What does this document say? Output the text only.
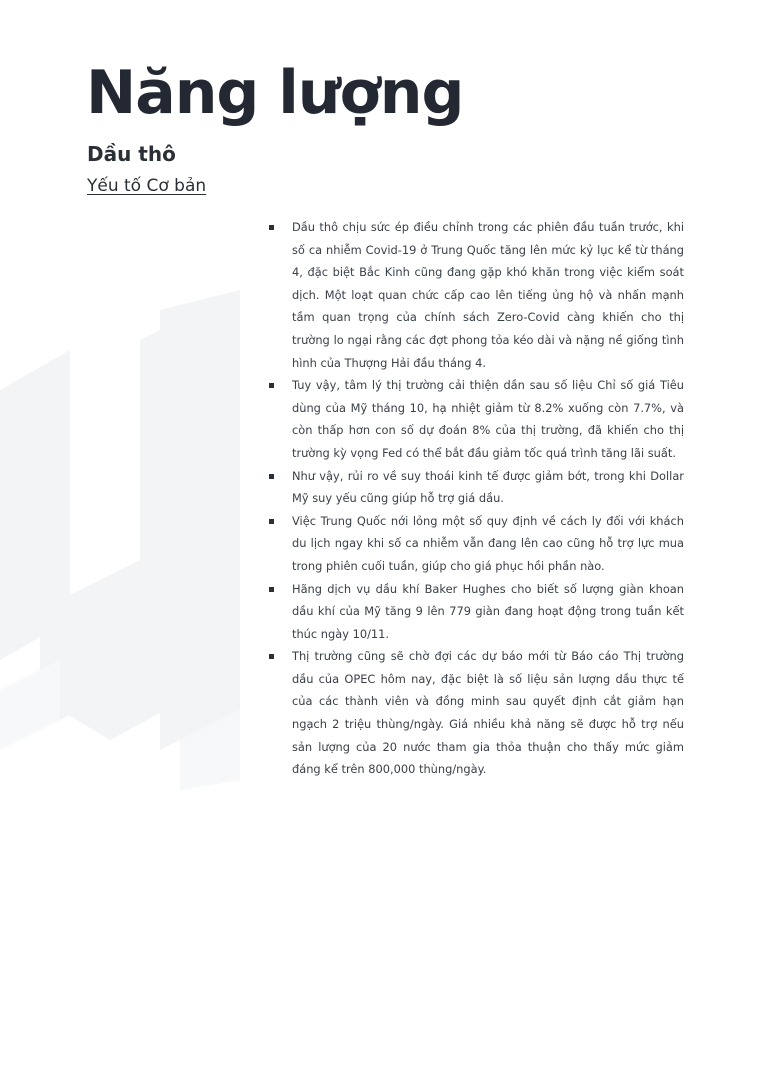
Năng lượng
Dầu thô
Yếu tố Cơ bản
Dầu thô chịu sức ép điều chỉnh trong các phiên đầu tuần trước, khi số ca nhiễm Covid-19 ở Trung Quốc tăng lên mức kỷ lục kể từ tháng 4, đặc biệt Bắc Kinh cũng đang gặp khó khăn trong việc kiểm soát dịch. Một loạt quan chức cấp cao lên tiếng ủng hộ và nhấn mạnh tầm quan trọng của chính sách Zero-Covid càng khiến cho thị trường lo ngại rằng các đợt phong tỏa kéo dài và nặng nề giống tình hình của Thượng Hải đầu tháng 4.
Tuy vậy, tâm lý thị trường cải thiện dần sau số liệu Chỉ số giá Tiêu dùng của Mỹ tháng 10, hạ nhiệt giảm từ 8.2% xuống còn 7.7%, và còn thấp hơn con số dự đoán 8% của thị trường, đã khiến cho thị trường kỳ vọng Fed có thể bắt đầu giảm tốc quá trình tăng lãi suất.
Như vậy, rủi ro về suy thoái kinh tế được giảm bớt, trong khi Dollar Mỹ suy yếu cũng giúp hỗ trợ giá dầu.
Việc Trung Quốc nới lỏng một số quy định về cách ly đối với khách du lịch ngay khi số ca nhiễm vẫn đang lên cao cũng hỗ trợ lực mua trong phiên cuối tuần, giúp cho giá phục hồi phần nào.
Hãng dịch vụ dầu khí Baker Hughes cho biết số lượng giàn khoan dầu khí của Mỹ tăng 9 lên 779 giàn đang hoạt động trong tuần kết thúc ngày 10/11.
Thị trường cũng sẽ chờ đợi các dự báo mới từ Báo cáo Thị trường dầu của OPEC hôm nay, đặc biệt là số liệu sản lượng dầu thực tế của các thành viên và đồng minh sau quyết định cắt giảm hạn ngạch 2 triệu thùng/ngày. Giá nhiều khả năng sẽ được hỗ trợ nếu sản lượng của 20 nước tham gia thỏa thuận cho thấy mức giảm đáng kể trên 800,000 thùng/ngày.
